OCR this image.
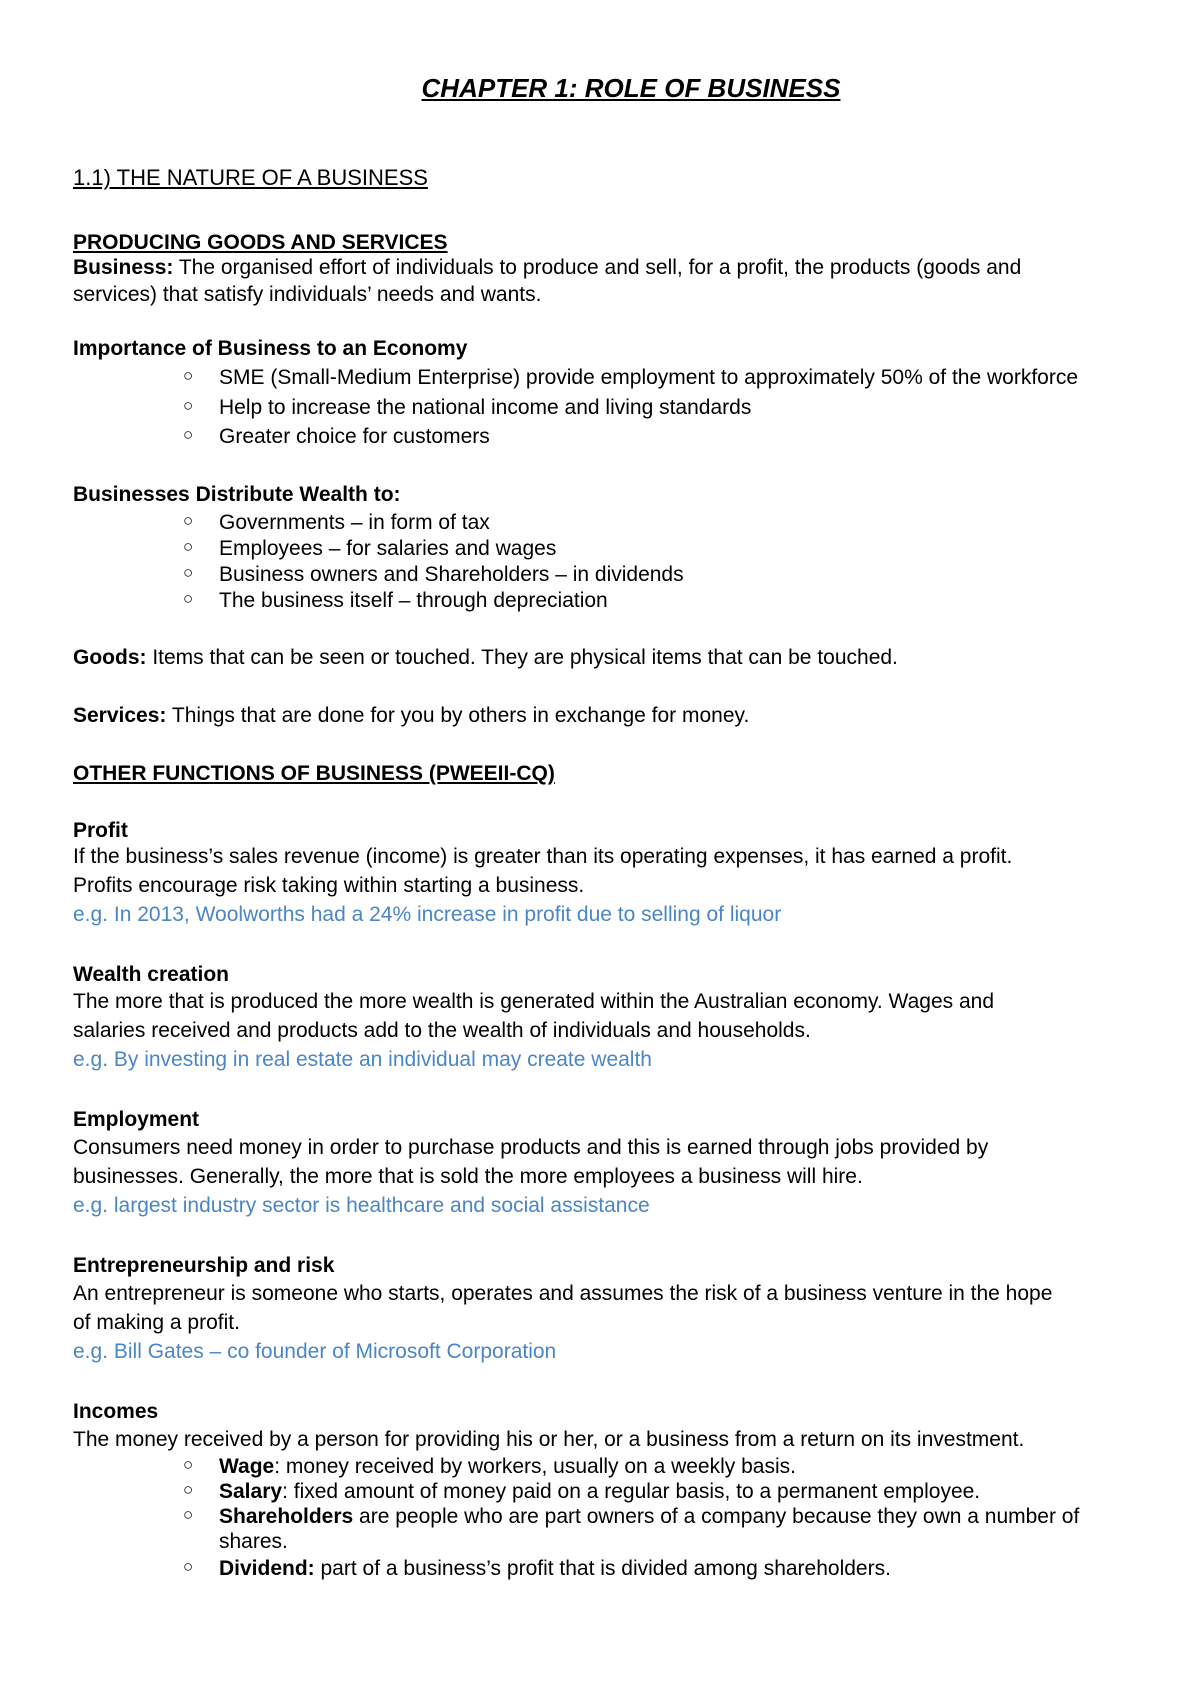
CHAPTER 1: ROLE OF BUSINESS
1.1) THE NATURE OF A BUSINESS
PRODUCING GOODS AND SERVICES
Business: The organised effort of individuals to produce and sell, for a profit, the products (goods and
services) that satisfy individuals’ needs and wants.
Importance of Business to an Economy
○ SME (Small-Medium Enterprise) provide employment to approximately 50% of the workforce
○ Help to increase the national income and living standards
○ Greater choice for customers
Businesses Distribute Wealth to:
○ Governments – in form of tax
○ Employees – for salaries and wages
○ Business owners and Shareholders – in dividends
○ The business itself – through depreciation
Goods: Items that can be seen or touched. They are physical items that can be touched.
Services: Things that are done for you by others in exchange for money.
OTHER FUNCTIONS OF BUSINESS (PWEEII-CQ)
Profit
If the business’s sales revenue (income) is greater than its operating expenses, it has earned a profit.
Profits encourage risk taking within starting a business.
e.g. In 2013, Woolworths had a 24% increase in profit due to selling of liquor
Wealth creation
The more that is produced the more wealth is generated within the Australian economy. Wages and
salaries received and products add to the wealth of individuals and households.
e.g. By investing in real estate an individual may create wealth
Employment
Consumers need money in order to purchase products and this is earned through jobs provided by
businesses. Generally, the more that is sold the more employees a business will hire.
e.g. largest industry sector is healthcare and social assistance
Entrepreneurship and risk
An entrepreneur is someone who starts, operates and assumes the risk of a business venture in the hope
of making a profit.
e.g. Bill Gates – co founder of Microsoft Corporation
Incomes
The money received by a person for providing his or her, or a business from a return on its investment.
○ Wage: money received by workers, usually on a weekly basis.
○ Salary: fixed amount of money paid on a regular basis, to a permanent employee.
○ Shareholders are people who are part owners of a company because they own a number of
shares.
○ Dividend: part of a business’s profit that is divided among shareholders.
